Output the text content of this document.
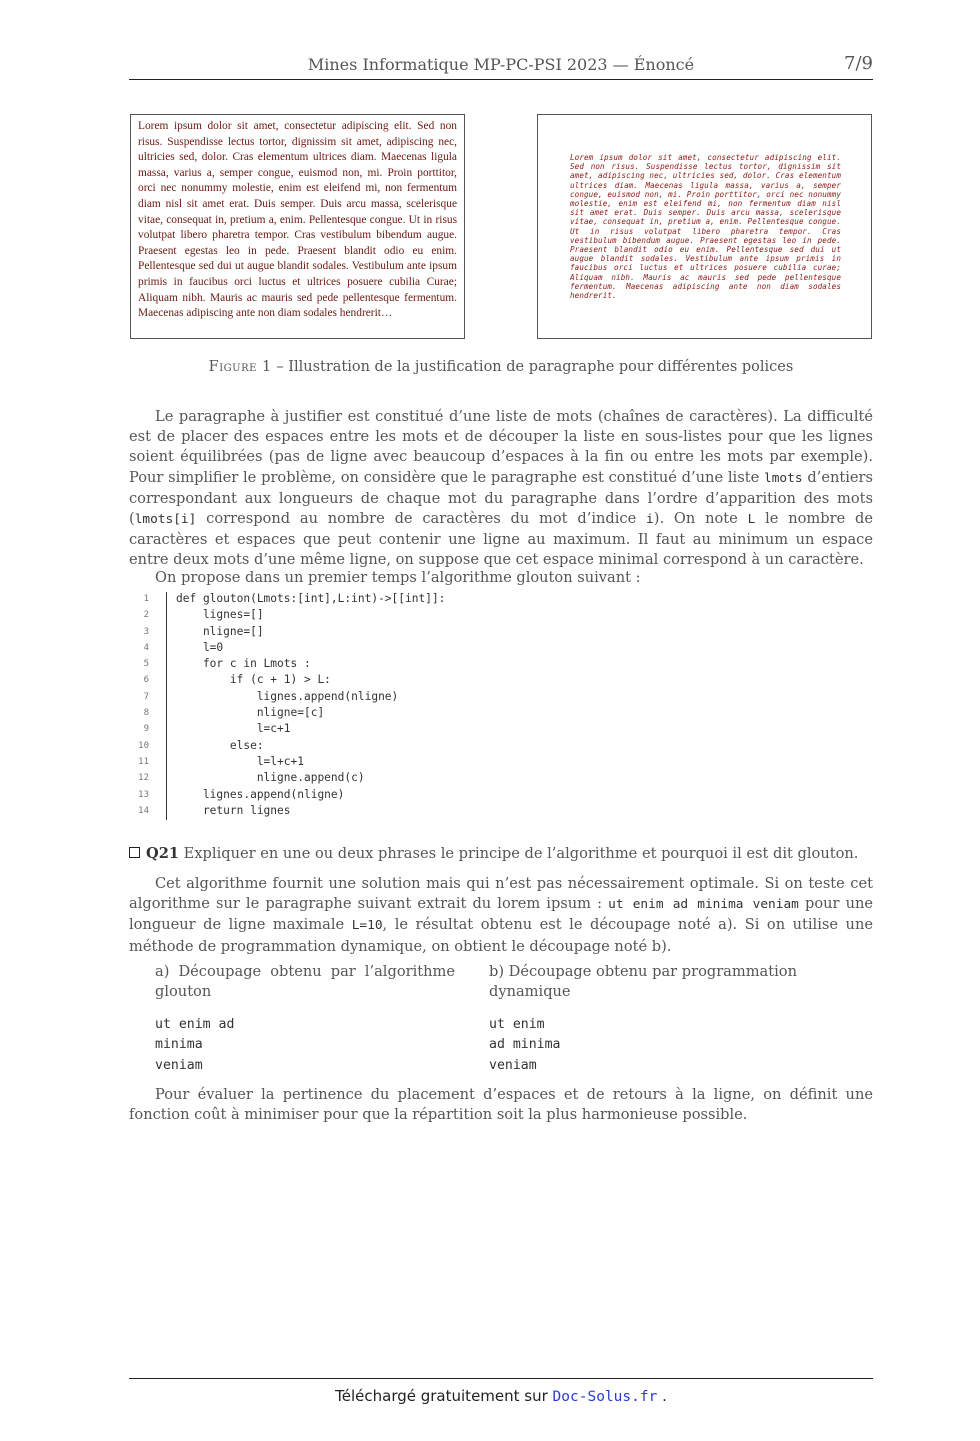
Mines Informatique MP-PC-PSI 2023 — Énoncé	7/9

Lorem ipsum dolor sit amet, consectetur adipiscing elit. Sed non risus. Suspendisse lectus tortor, dignissim sit amet, adipiscing nec, ultricies sed, dolor. Cras elementum ultrices diam. Maecenas ligula massa, varius a, semper congue, euismod non, mi. Proin porttitor, orci nec nonummy molestie, enim est eleifend mi, non fermentum diam nisl sit amet erat. Duis semper. Duis arcu massa, scelerisque vitae, consequat in, pretium a, enim. Pellentesque congue. Ut in risus volutpat libero pharetra tempor. Cras vestibulum bibendum augue. Praesent egestas leo in pede. Praesent blandit odio eu enim. Pellentesque sed dui ut augue blandit sodales. Vestibulum ante ipsum primis in faucibus orci luctus et ultrices posuere cubilia Curae; Aliquam nibh. Mauris ac mauris sed pede pellentesque fermentum. Maecenas adipiscing ante non diam sodales hendrerit…

Lorem ipsum dolor sit amet, consectetur adipiscing elit. Sed non risus. Suspendisse lectus tortor, dignissim sit amet, adipiscing nec, ultricies sed, dolor. Cras elementum ultrices diam. Maecenas ligula massa, varius a, semper congue, euismod non, mi. Proin porttitor, orci nec nonummy molestie, enim est eleifend mi, non fermentum diam nisl sit amet erat. Duis semper. Duis arcu massa, scelerisque vitae, consequat in, pretium a, enim. Pellentesque congue. Ut in risus volutpat libero pharetra tempor. Cras vestibulum bibendum augue. Praesent egestas leo in pede. Praesent blandit odio eu enim. Pellentesque sed dui ut augue blandit sodales. Vestibulum ante ipsum primis in faucibus orci luctus et ultrices posuere cubilia curae; Aliquam nibh. Mauris ac mauris sed pede pellentesque fermentum. Maecenas adipiscing ante non diam sodales hendrerit.

Figure 1 – Illustration de la justification de paragraphe pour différentes polices

Le paragraphe à justifier est constitué d’une liste de mots (chaînes de caractères). La difficulté est de placer des espaces entre les mots et de découper la liste en sous-listes pour que les lignes soient équilibrées (pas de ligne avec beaucoup d’espaces à la fin ou entre les mots par exemple). Pour simplifier le problème, on considère que le paragraphe est constitué d’une liste lmots d’entiers correspondant aux longueurs de chaque mot du paragraphe dans l’ordre d’apparition des mots (lmots[i] correspond au nombre de caractères du mot d’indice i). On note L le nombre de caractères et espaces que peut contenir une ligne au maximum. Il faut au minimum un espace entre deux mots d’une même ligne, on suppose que cet espace minimal correspond à un caractère.

On propose dans un premier temps l’algorithme glouton suivant :

1 def glouton(Lmots:[int],L:int)->[[int]]:
2 lignes=[]
3 nligne=[]
4 l=0
5 for c in Lmots :
6 if (c + 1) > L:
7 lignes.append(nligne)
8 nligne=[c]
9 l=c+1
10 else:
11 l=l+c+1
12 nligne.append(c)
13 lignes.append(nligne)
14 return lignes
Q21 Expliquer en une ou deux phrases le principe de l’algorithme et pourquoi il est dit glouton.

Cet algorithme fournit une solution mais qui n’est pas nécessairement optimale. Si on teste cet algorithme sur le paragraphe suivant extrait du lorem ipsum : ut enim ad minima veniam pour une longueur de ligne maximale L=10, le résultat obtenu est le découpage noté a). Si on utilise une méthode de programmation dynamique, on obtient le découpage noté b).

a) Découpage obtenu par l’algorithme glouton
b) Découpage obtenu par programmation dynamique
ut enim ad
minima
veniam
ut enim
ad minima
veniam

Pour évaluer la pertinence du placement d’espaces et de retours à la ligne, on définit une fonction coût à minimiser pour que la répartition soit la plus harmonieuse possible.

Téléchargé gratuitement sur Doc-Solus.fr .
